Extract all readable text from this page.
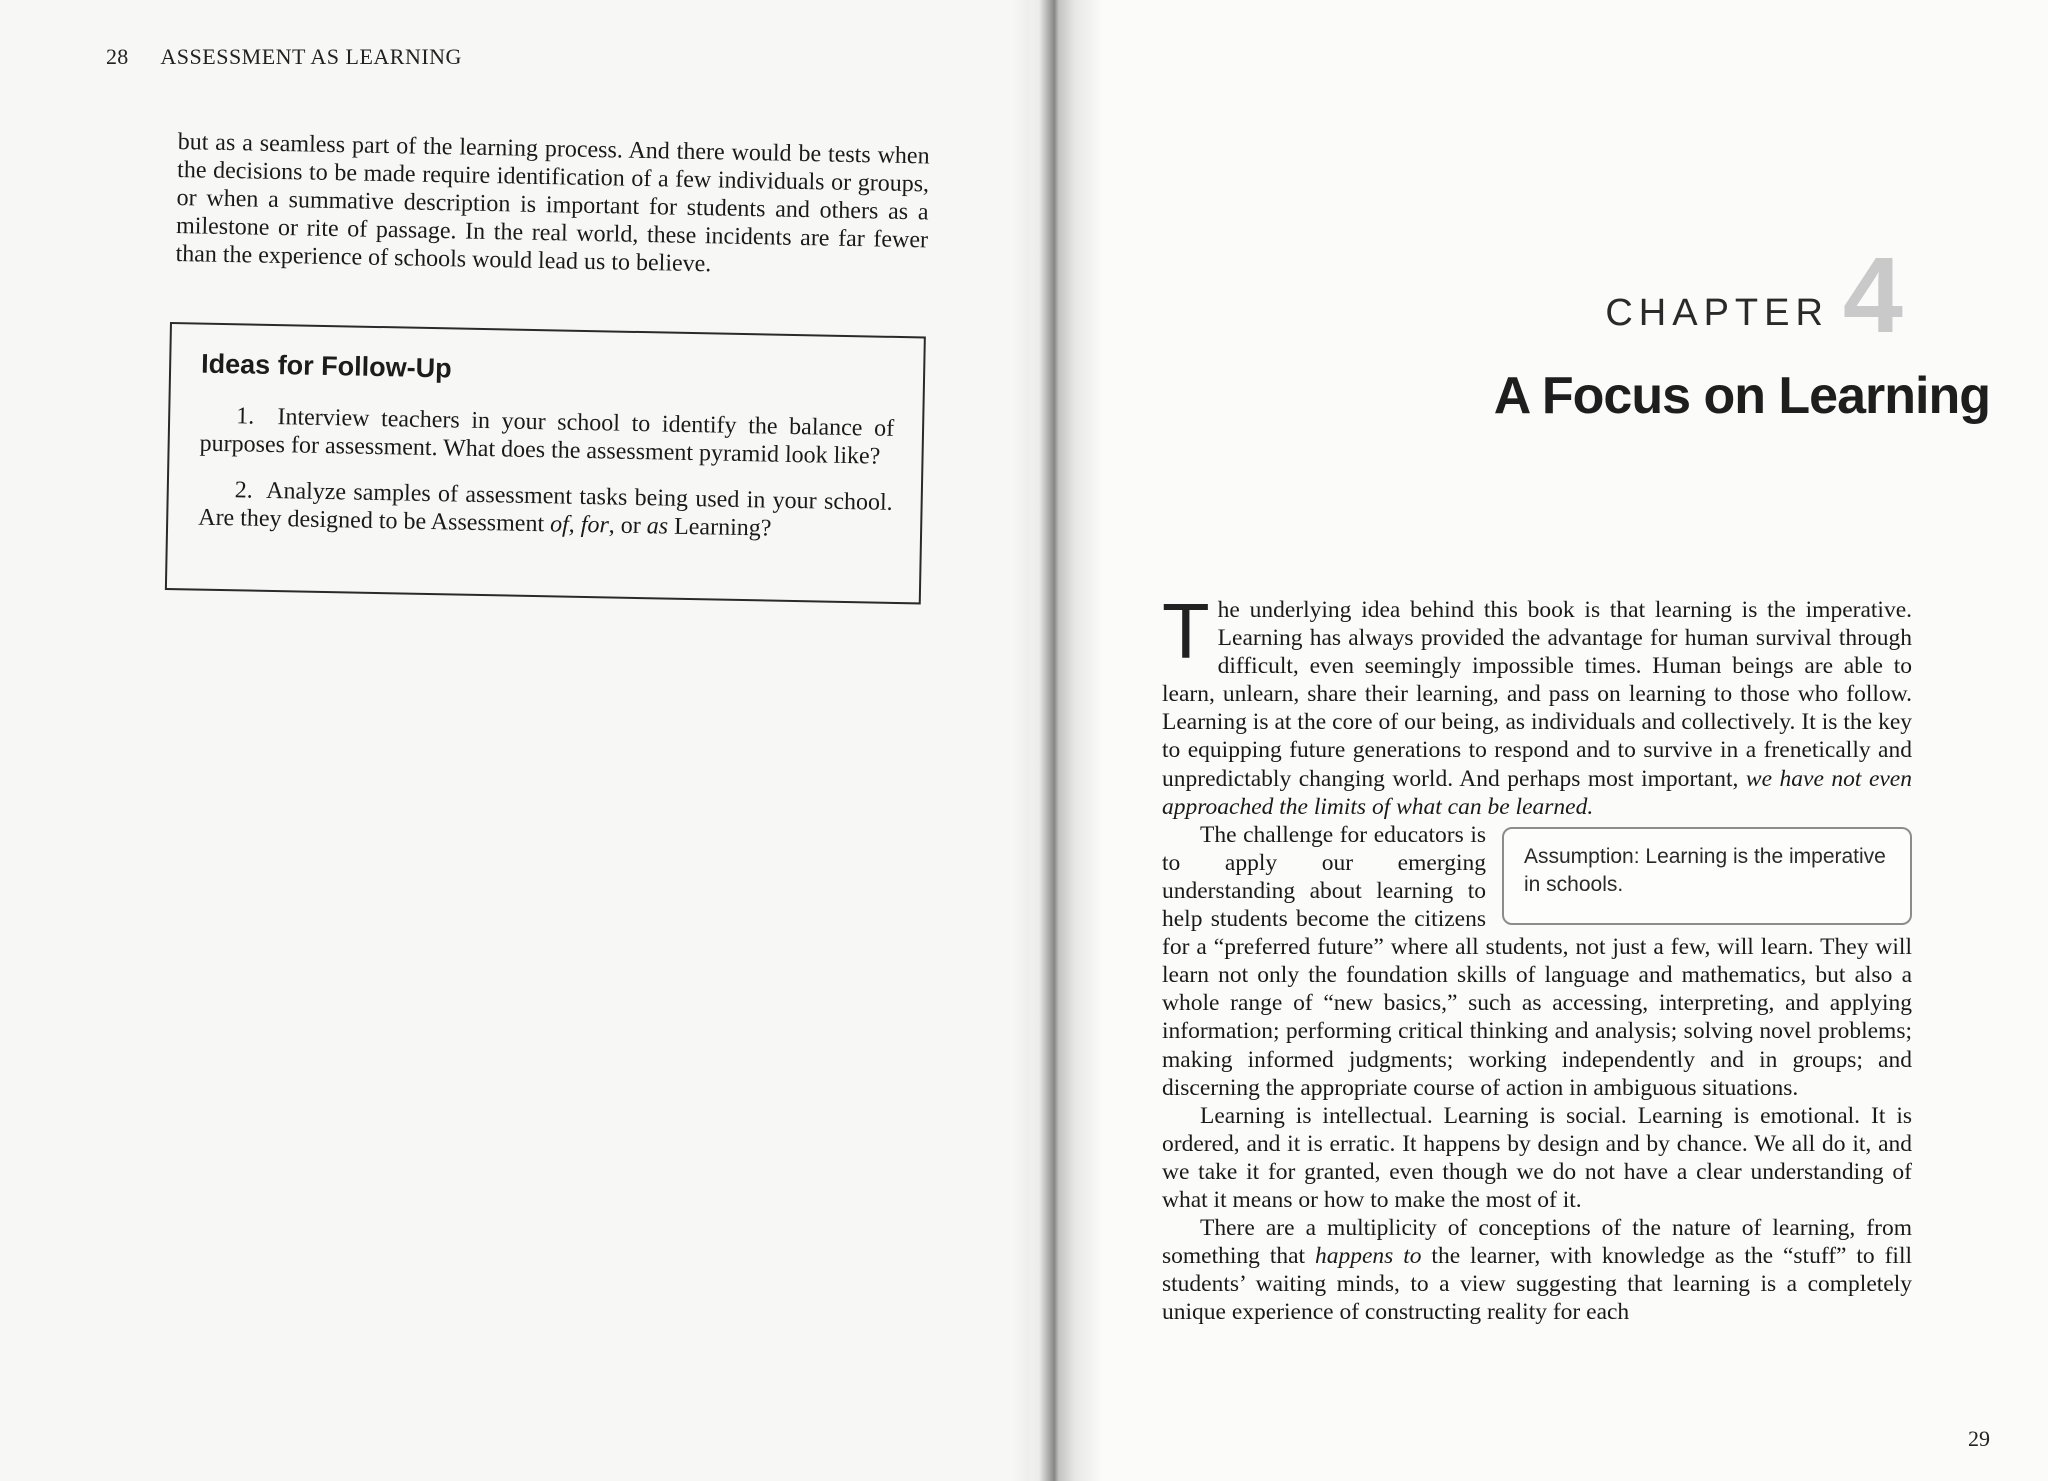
28 ASSESSMENT AS LEARNING
but as a seamless part of the learning process. And there would be tests when the decisions to be made require identification of a few individuals or groups, or when a summative description is important for students and others as a milestone or rite of passage. In the real world, these incidents are far fewer than the experience of schools would lead us to believe.
Ideas for Follow-Up
1. Interview teachers in your school to identify the balance of purposes for assessment. What does the assessment pyramid look like?
2. Analyze samples of assessment tasks being used in your school. Are they designed to be Assessment of, for, or as Learning?
CHAPTER 4
A Focus on Learning

The underlying idea behind this book is that learning is the imperative. Learning has always provided the advantage for human survival through difficult, even seemingly impossible times. Human beings are able to learn, unlearn, share their learning, and pass on learning to those who follow. Learning is at the core of our being, as individuals and collectively. It is the key to equipping future generations to respond and to survive in a frenetically and unpredictably changing world. And perhaps most important, we have not even approached the limits of what can be learned.

Assumption: Learning is the imperative in schools.

The challenge for educators is to apply our emerging understanding about learning to help students become the citizens for a “preferred future” where all students, not just a few, will learn. They will learn not only the foundation skills of language and mathematics, but also a whole range of “new basics,” such as accessing, interpreting, and applying information; performing critical thinking and analysis; solving novel problems; making informed judgments; working independently and in groups; and discerning the appropriate course of action in ambiguous situations.

Learning is intellectual. Learning is social. Learning is emotional. It is ordered, and it is erratic. It happens by design and by chance. We all do it, and we take it for granted, even though we do not have a clear understanding of what it means or how to make the most of it.

There are a multiplicity of conceptions of the nature of learning, from something that happens to the learner, with knowledge as the “stuff” to fill students’ waiting minds, to a view suggesting that learning is a completely unique experience of constructing reality for each

29
